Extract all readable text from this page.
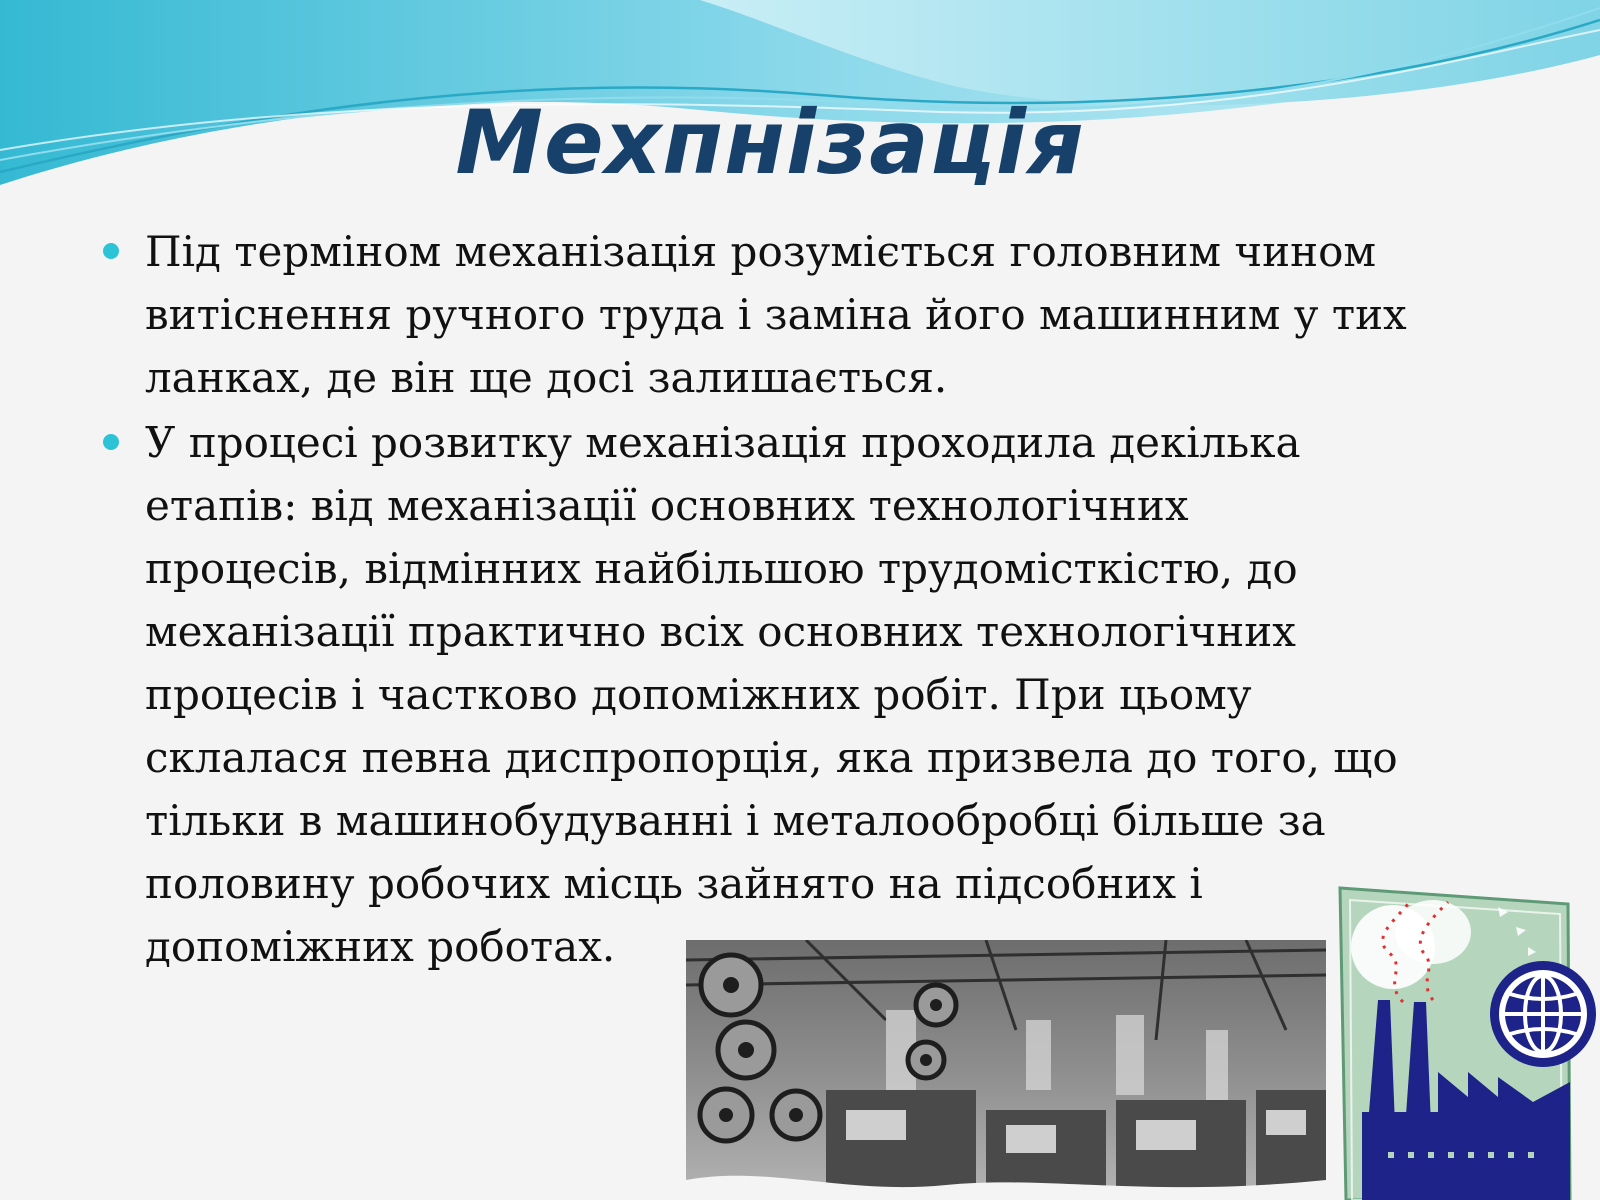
Мехпнізація
Під терміном механізація розуміється головним чином
витіснення ручного труда і заміна його машинним у тих
ланках, де він ще досі залишається.
У процесі розвитку механізація проходила декілька
етапів: від механізації основних технологічних
процесів, відмінних найбільшою трудомісткістю, до
механізації практично всіх основних технологічних
процесів і частково допоміжних робіт. При цьому
склалася певна диспропорція, яка призвела до того, що
тільки в машинобудуванні і металообробці більше за
половину робочих місць зайнято на підсобних і
допоміжних роботах.
